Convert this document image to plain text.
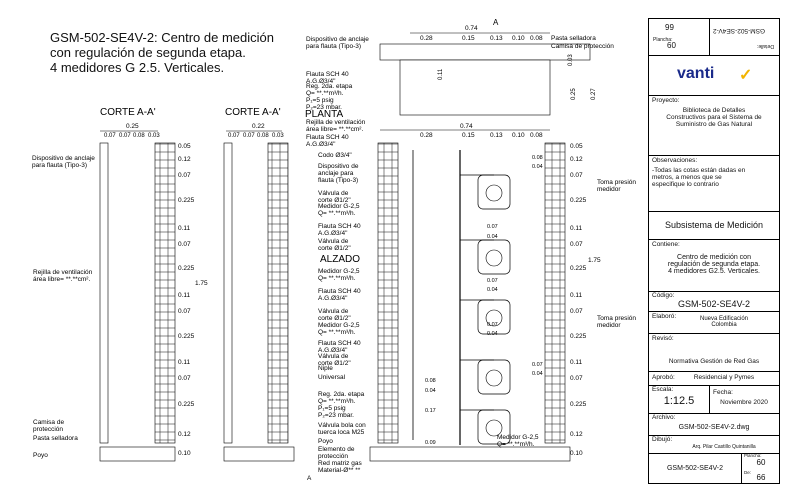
GSM-502-SE4V-2: Centro de medición
con regulación de segunda etapa.
4 medidores G 2.5. Verticales.
CORTE A-A'
0.25
0.07 0.07 0.08 0.03
CORTE A-A'
0.22
0.07 0.07 0.08 0.03
A
PLANTA
0.74
0.28	0.15 0.13 0.10 0.08
0.25 0.27
0.03
0.11
ALZADO
0.74
0.28	0.15 0.13 0.10 0.08
A
0.05
0.12
0.07
0.225
0.11
0.07
0.225
0.11
0.07
0.225
0.11
0.07
0.225
0.12
0.10
1.75
1.75
0.05
0.12
0.07
0.225
0.11
0.07
0.225
0.11
0.07
0.225
0.11
0.07
0.225
0.12
0.10
0.08
0.04
0.07
0.04
0.07
0.04
0.07
0.04
0.07
0.04
0.08
0.04
0.17
0.09
Dispositivo de anclaje para flauta (Tipo-3)
Rejilla de ventilación área libre= **.**cm².
Camisa de protección
Pasta selladora
Poyo
Dispositivo de anclaje para flauta (Tipo-3)
Flauta SCH 40 A.G.Ø3/4"
Reg. 2da. etapa Q= **.**m³/h. P₁=5 psig P₂=23 mbar.
Rejilla de ventilación área libre= **.**cm².
Flauta SCH 40 A.G.Ø3/4"
Pasta selladora
Camisa de protección
Codo Ø3/4"
Dispositivo de anclaje para flauta (Tipo-3)
Válvula de corte Ø1/2"
Medidor G-2,5 Q= **.**m³/h.
Flauta SCH 40 A.G.Ø3/4"
Válvula de corte Ø1/2"
Medidor G-2,5 Q= **.**m³/h.
Flauta SCH 40 A.G.Ø3/4"
Válvula de corte Ø1/2"
Medidor G-2,5 Q= **.**m³/h.
Flauta SCH 40 A.G.Ø3/4"
Válvula de corte Ø1/2"
Niple
Universal
Reg. 2da. etapa Q= **.**m³/h. P₁=5 psig P₂=23 mbar.
Válvula bola con tuerca loca M25
Poyo
Elemento de protección
Red matriz gas Material-Ø** **
Toma presión medidor
Toma presión medidor
Medidor G-2,5 Q= **.**m³/h.
99
Plancha:
60
GSM-502-SE4V-2
Detalle:
vanti ✓
Proyecto:
Biblioteca de Detalles
Constructivos para el Sistema de
Suministro de Gas Natural
Observaciones:
-Todas las cotas están dadas en
metros, a menos que se
especifique lo contrario
Subsistema de Medición
Contiene:
Centro de medición con
regulación de segunda etapa.
4 medidores G2.5. Verticales.
Código:
GSM-502-SE4V-2
Elaboró:	Nueva Edificación
Colombia
Revisó:
Normativa Gestión de Red Gas
Aprobó:	Residencial y Pymes
Escala:
1:12.5
Fecha:
Noviembre 2020
Archivo:
GSM-502-SE4V-2.dwg
Dibujó:
Arq. Pilar Castillo Quintanilla
GSM-502-SE4V-2
Plancha:
60
De:
66
